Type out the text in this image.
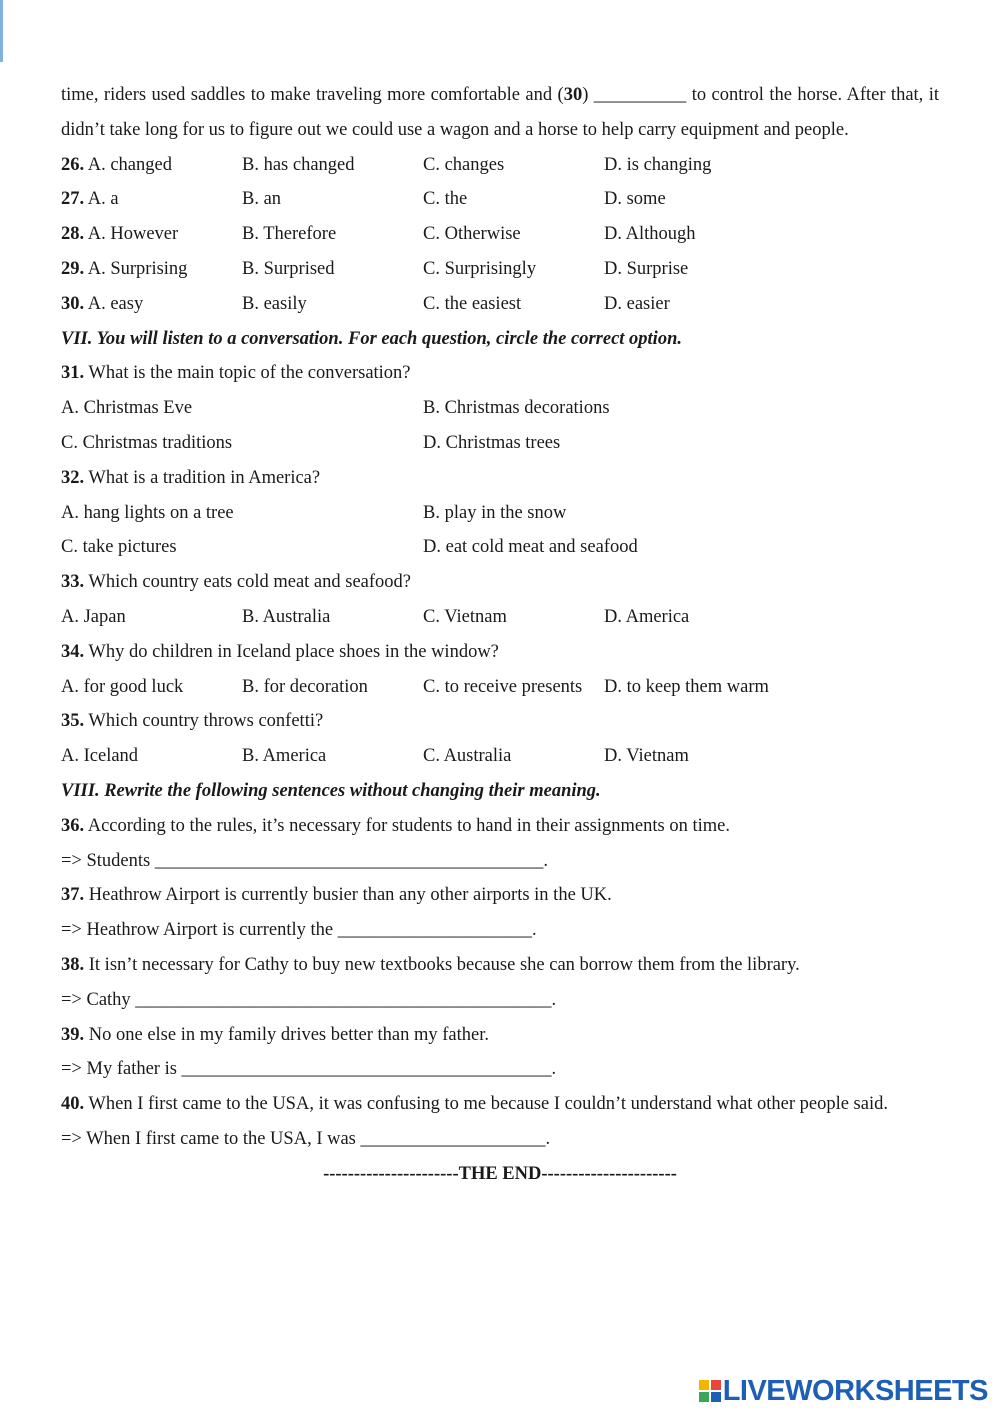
time, riders used saddles to make traveling more comfortable and (30) __________ to control the horse. After that, it didn’t take long for us to figure out we could use a wagon and a horse to help carry equipment and people.

26. A. changed	B. has changed	C. changes	D. is changing
27. A. a	B. an	C. the	D. some
28. A. However	B. Therefore	C. Otherwise	D. Although
29. A. Surprising	B. Surprised	C. Surprisingly	D. Surprise
30. A. easy	B. easily	C. the easiest	D. easier
VII. You will listen to a conversation. For each question, circle the correct option.
31. What is the main topic of the conversation?
A. Christmas Eve	B. Christmas decorations
C. Christmas traditions	D. Christmas trees
32. What is a tradition in America?
A. hang lights on a tree	B. play in the snow
C. take pictures	D. eat cold meat and seafood
33. Which country eats cold meat and seafood?
A. Japan	B. Australia	C. Vietnam	D. America
34. Why do children in Iceland place shoes in the window?
A. for good luck	B. for decoration	C. to receive presents D. to keep them warm
35. Which country throws confetti?
A. Iceland	B. America	C. Australia	D. Vietnam
VIII. Rewrite the following sentences without changing their meaning.
36. According to the rules, it’s necessary for students to hand in their assignments on time.
=> Students __________________________________________.
37. Heathrow Airport is currently busier than any other airports in the UK.
=> Heathrow Airport is currently the _____________________.
38. It isn’t necessary for Cathy to buy new textbooks because she can borrow them from the library.
=> Cathy _____________________________________________.
39. No one else in my family drives better than my father.
=> My father is ________________________________________.

40. When I first came to the USA, it was confusing to me because I couldn’t understand what other people said.

=> When I first came to the USA, I was ____________________.
----------------------THE END----------------------
LIVEWORKSHEETS
